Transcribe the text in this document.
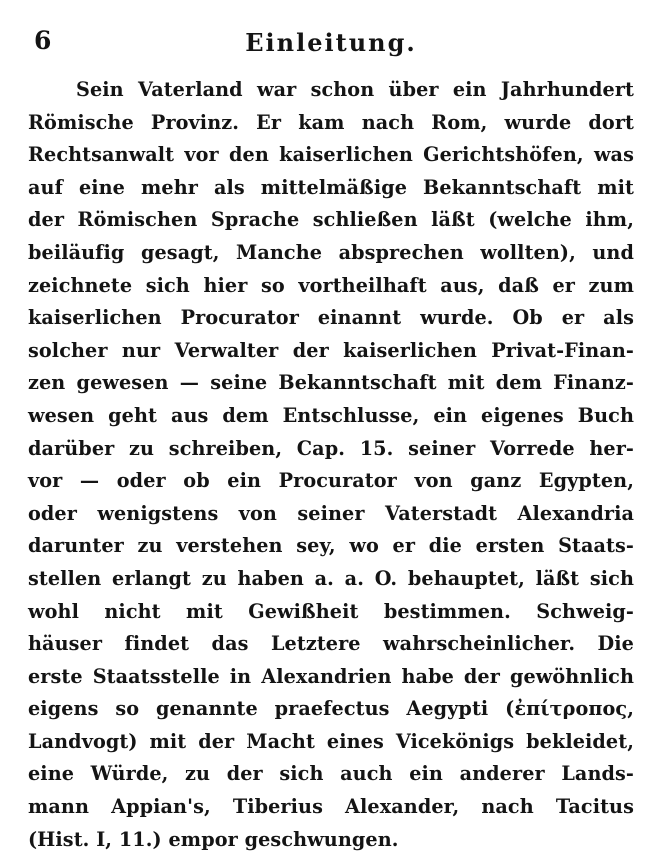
6	Einleitung.
Sein Vaterland war schon über ein Jahrhundert
Römische Provinz. Er kam nach Rom, wurde dort
Rechtsanwalt vor den kaiserlichen Gerichtshöfen, was
auf eine mehr als mittelmäßige Bekanntschaft mit
der Römischen Sprache schließen läßt (welche ihm,
beiläufig gesagt, Manche absprechen wollten), und
zeichnete sich hier so vortheilhaft aus, daß er zum
kaiserlichen Procurator einannt wurde. Ob er als
solcher nur Verwalter der kaiserlichen Privat-Finan-
zen gewesen — seine Bekanntschaft mit dem Finanz-
wesen geht aus dem Entschlusse, ein eigenes Buch
darüber zu schreiben, Cap. 15. seiner Vorrede her-
vor — oder ob ein Procurator von ganz Egypten,
oder wenigstens von seiner Vaterstadt Alexandria
darunter zu verstehen sey, wo er die ersten Staats-
stellen erlangt zu haben a. a. O. behauptet, läßt sich
wohl nicht mit Gewißheit bestimmen. Schweig-
häuser findet das Letztere wahrscheinlicher. Die
erste Staatsstelle in Alexandrien habe der gewöhnlich
eigens so genannte praefectus Aegypti (ἐπίτροπος,
Landvogt) mit der Macht eines Vicekönigs bekleidet,
eine Würde, zu der sich auch ein anderer Lands-
mann Appian's, Tiberius Alexander, nach Tacitus
(Hist. I, 11.) empor geschwungen.
